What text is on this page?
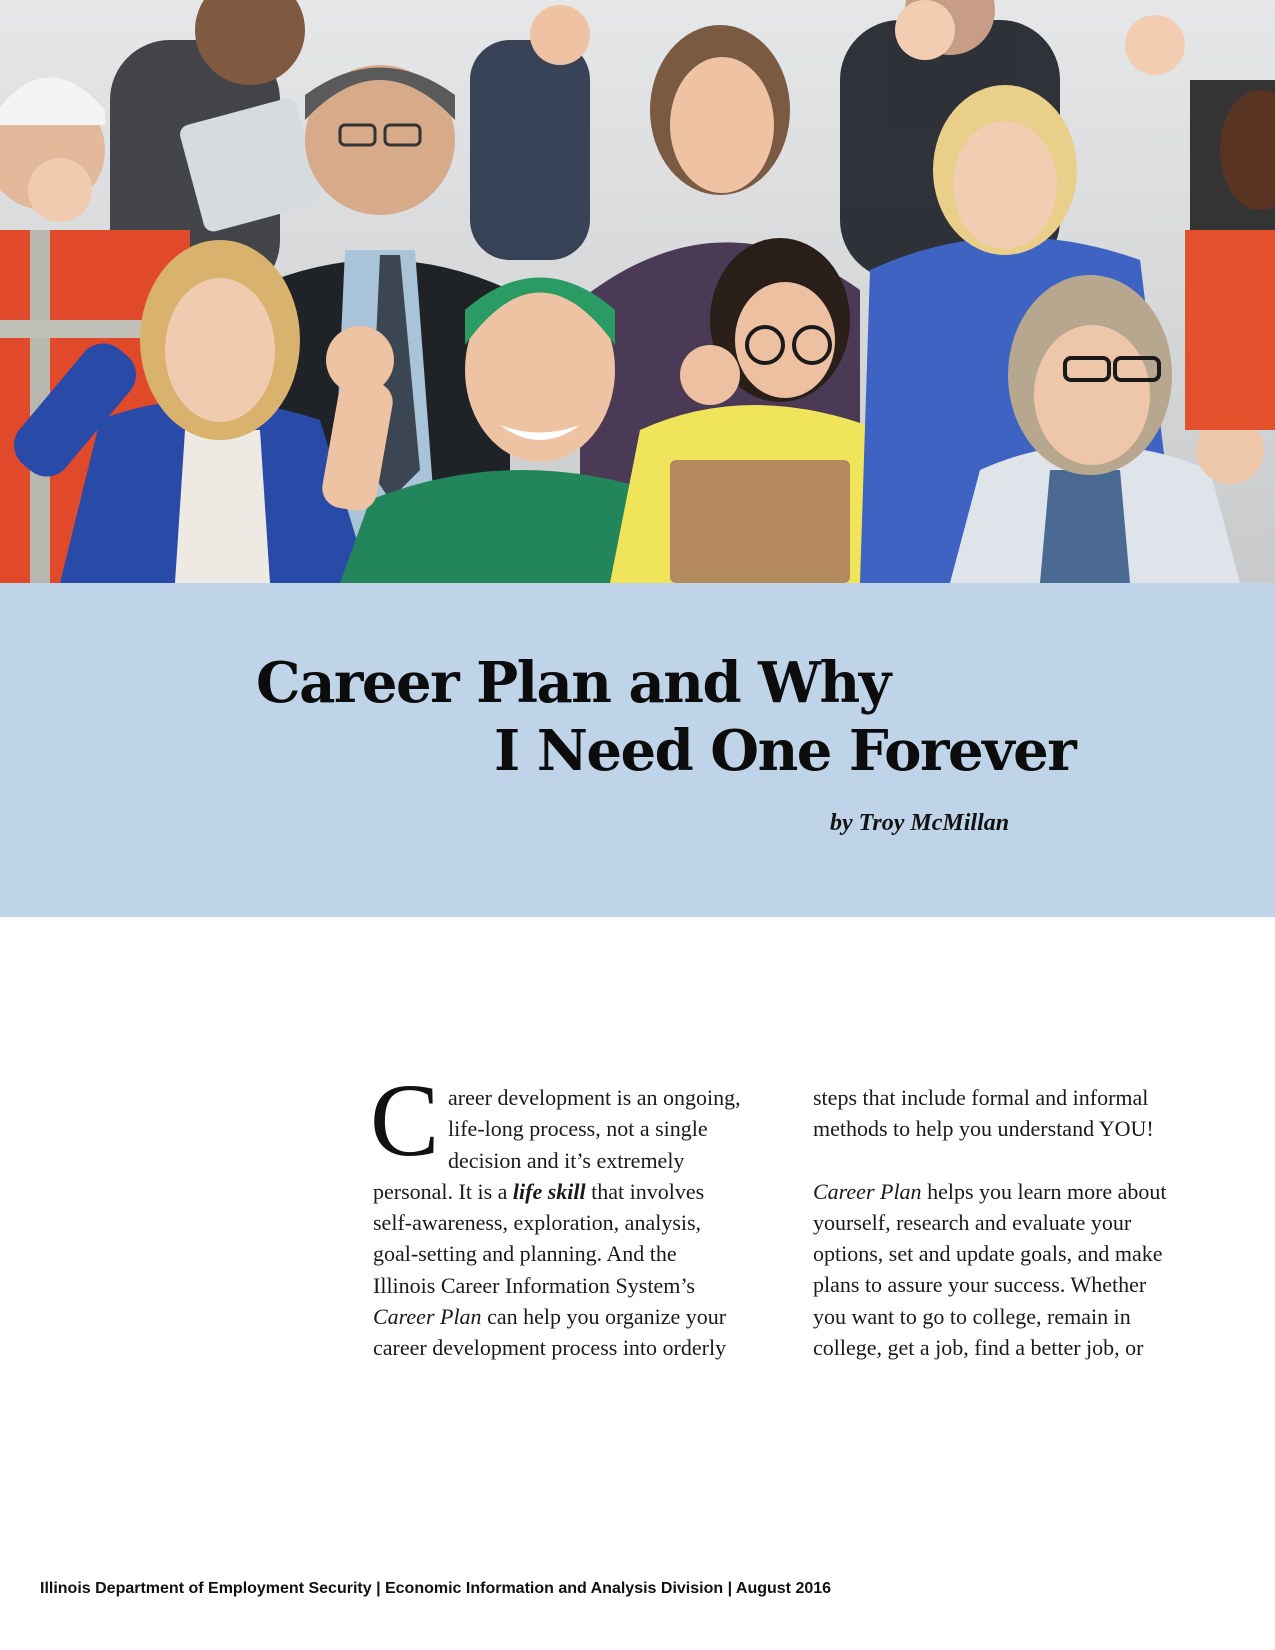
Career Plan and Why
I Need One Forever
by Troy McMillan

C areer development is an ongoing,
life-long process, not a single
decision and it’s extremely
personal. It is a life skill that involves
self-awareness, exploration, analysis,
goal-setting and planning. And the
Illinois Career Information System’s
Career Plan can help you organize your
career development process into orderly

steps that include formal and informal
methods to help you understand YOU!

Career Plan helps you learn more about
yourself, research and evaluate your
options, set and update goals, and make
plans to assure your success. Whether
you want to go to college, remain in
college, get a job, find a better job, or

Illinois Department of Employment Security | Economic Information and Analysis Division | August 2016
